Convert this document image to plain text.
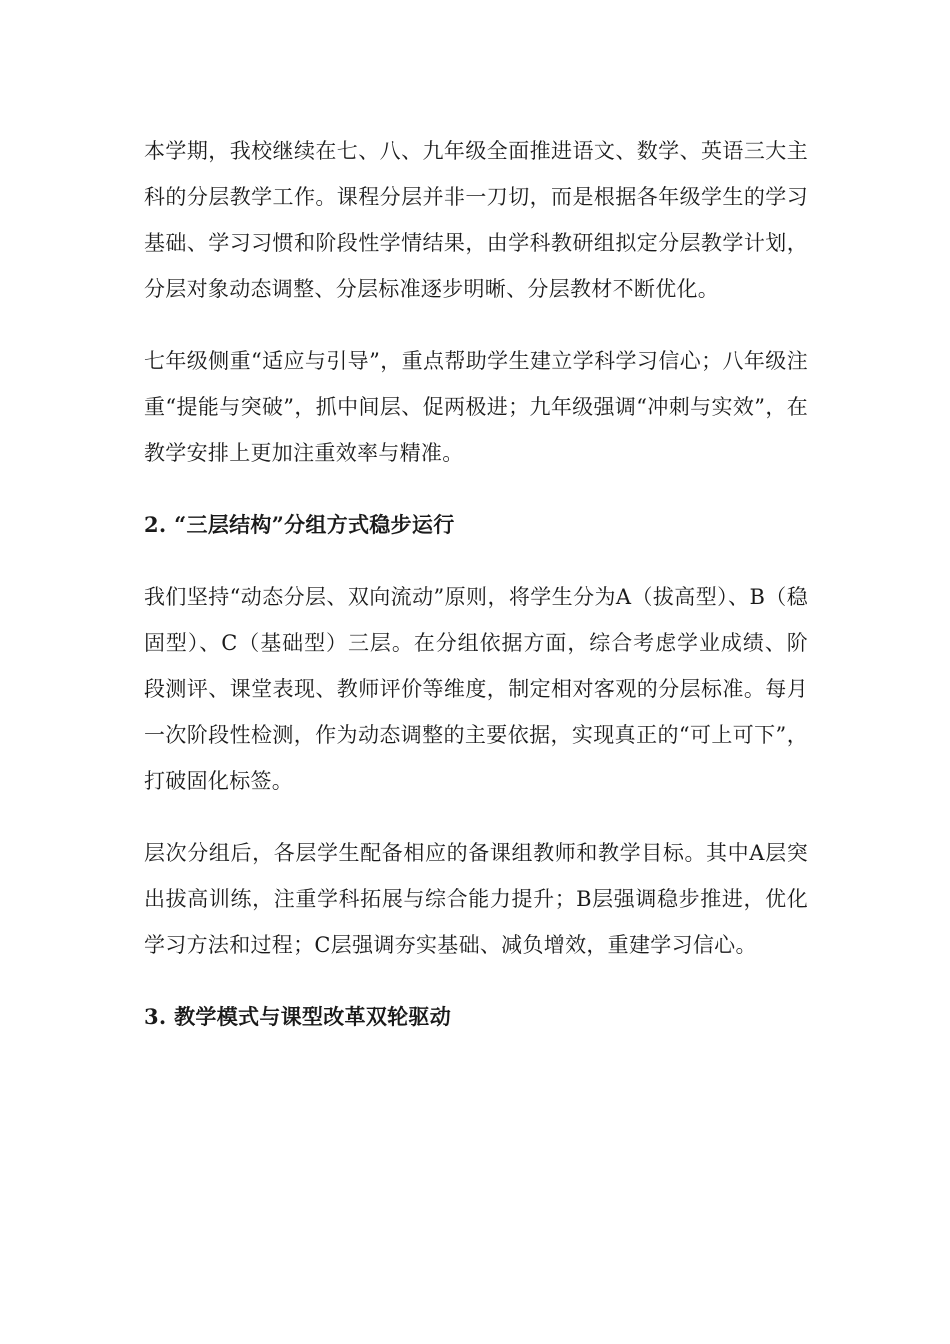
本学期，我校继续在七、八、九年级全面推进语文、数学、英语三大主科的分层教学工作。课程分层并非一刀切，而是根据各年级学生的学习基础、学习习惯和阶段性学情结果，由学科教研组拟定分层教学计划，分层对象动态调整、分层标准逐步明晰、分层教材不断优化。

七年级侧重“适应与引导”，重点帮助学生建立学科学习信心；八年级注重“提能与突破”，抓中间层、促两极进；九年级强调“冲刺与实效”，在教学安排上更加注重效率与精准。

2. “三层结构”分组方式稳步运行

我们坚持“动态分层、双向流动”原则，将学生分为A（拔高型）、B（稳固型）、C（基础型）三层。在分组依据方面，综合考虑学业成绩、阶段测评、课堂表现、教师评价等维度，制定相对客观的分层标准。每月一次阶段性检测，作为动态调整的主要依据，实现真正的“可上可下”，打破固化标签。

层次分组后，各层学生配备相应的备课组教师和教学目标。其中A层突出拔高训练，注重学科拓展与综合能力提升；B层强调稳步推进，优化学习方法和过程；C层强调夯实基础、减负增效，重建学习信心。

3. 教学模式与课型改革双轮驱动
